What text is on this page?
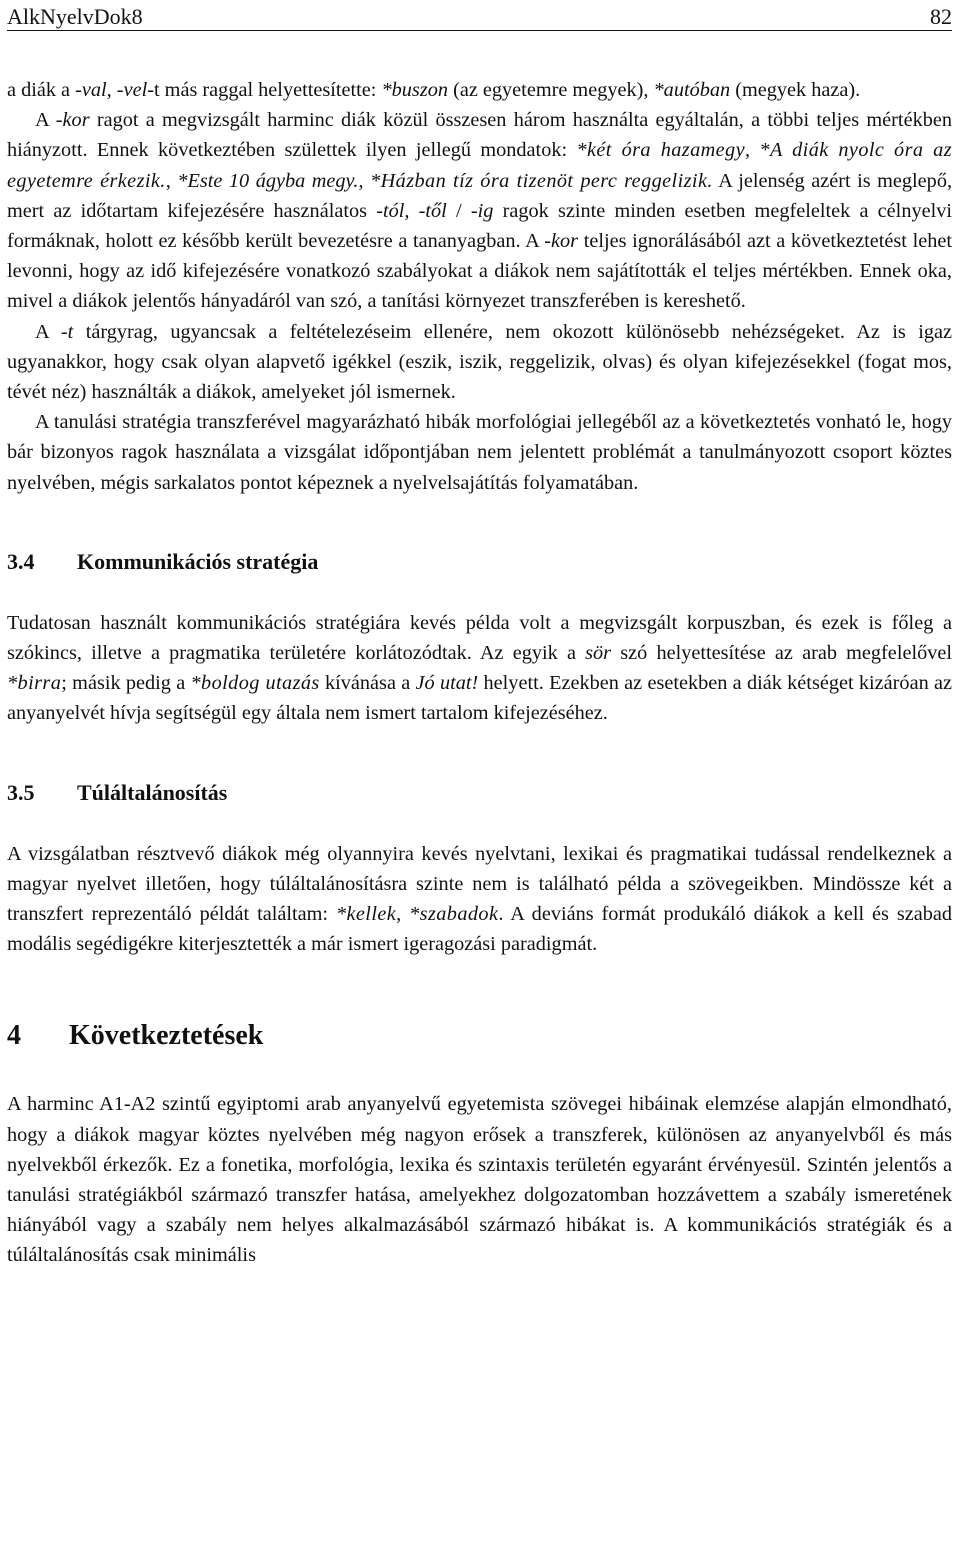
AlkNyelvDok8	82

a diák a -val, -vel-t más raggal helyettesítette: *buszon (az egyetemre megyek), *autóban (megyek haza).

A -kor ragot a megvizsgált harminc diák közül összesen három használta egyáltalán, a többi teljes mértékben hiányzott. Ennek következtében születtek ilyen jellegű mondatok: *két óra hazamegy, *A diák nyolc óra az egyetemre érkezik., *Este 10 ágyba megy., *Házban tíz óra tizenöt perc reggelizik. A jelenség azért is meglepő, mert az időtartam kifejezésére használatos -tól, -től / -ig ragok szinte minden esetben megfeleltek a célnyelvi formáknak, holott ez később került bevezetésre a tananyagban. A -kor teljes ignorálásából azt a következtetést lehet levonni, hogy az idő kifejezésére vonatkozó szabályokat a diákok nem sajátították el teljes mértékben. Ennek oka, mivel a diákok jelentős hányadáról van szó, a tanítási környezet transzferében is kereshető.

A -t tárgyrag, ugyancsak a feltételezéseim ellenére, nem okozott különösebb nehézségeket. Az is igaz ugyanakkor, hogy csak olyan alapvető igékkel (eszik, iszik, reggelizik, olvas) és olyan kifejezésekkel (fogat mos, tévét néz) használták a diákok, amelyeket jól ismernek.

A tanulási stratégia transzferével magyarázható hibák morfológiai jellegéből az a következtetés vonható le, hogy bár bizonyos ragok használata a vizsgálat időpontjában nem jelentett problémát a tanulmányozott csoport köztes nyelvében, mégis sarkalatos pontot képeznek a nyelvelsajátítás folyamatában.

3.4	Kommunikációs stratégia

Tudatosan használt kommunikációs stratégiára kevés példa volt a megvizsgált korpuszban, és ezek is főleg a szókincs, illetve a pragmatika területére korlátozódtak. Az egyik a sör szó helyettesítése az arab megfelelővel *birra; másik pedig a *boldog utazás kívánása a Jó utat! helyett. Ezekben az esetekben a diák kétséget kizáróan az anyanyelvét hívja segítségül egy általa nem ismert tartalom kifejezéséhez.

3.5	Túláltalánosítás

A vizsgálatban résztvevő diákok még olyannyira kevés nyelvtani, lexikai és pragmatikai tudással rendelkeznek a magyar nyelvet illetően, hogy túláltalánosításra szinte nem is található példa a szövegeikben. Mindössze két a transzfert reprezentáló példát találtam: *kellek, *szabadok. A deviáns formát produkáló diákok a kell és szabad modális segédigékre kiterjesztették a már ismert igeragozási paradigmát.

4	Következtetések

A harminc A1-A2 szintű egyiptomi arab anyanyelvű egyetemista szövegei hibáinak elemzése alapján elmondható, hogy a diákok magyar köztes nyelvében még nagyon erősek a transzferek, különösen az anyanyelvből és más nyelvekből érkezők. Ez a fonetika, morfológia, lexika és szintaxis területén egyaránt érvényesül. Szintén jelentős a tanulási stratégiákból származó transzfer hatása, amelyekhez dolgozatomban hozzávettem a szabály ismeretének hiányából vagy a szabály nem helyes alkalmazásából származó hibákat is. A kommunikációs stratégiák és a túláltalánosítás csak minimális
